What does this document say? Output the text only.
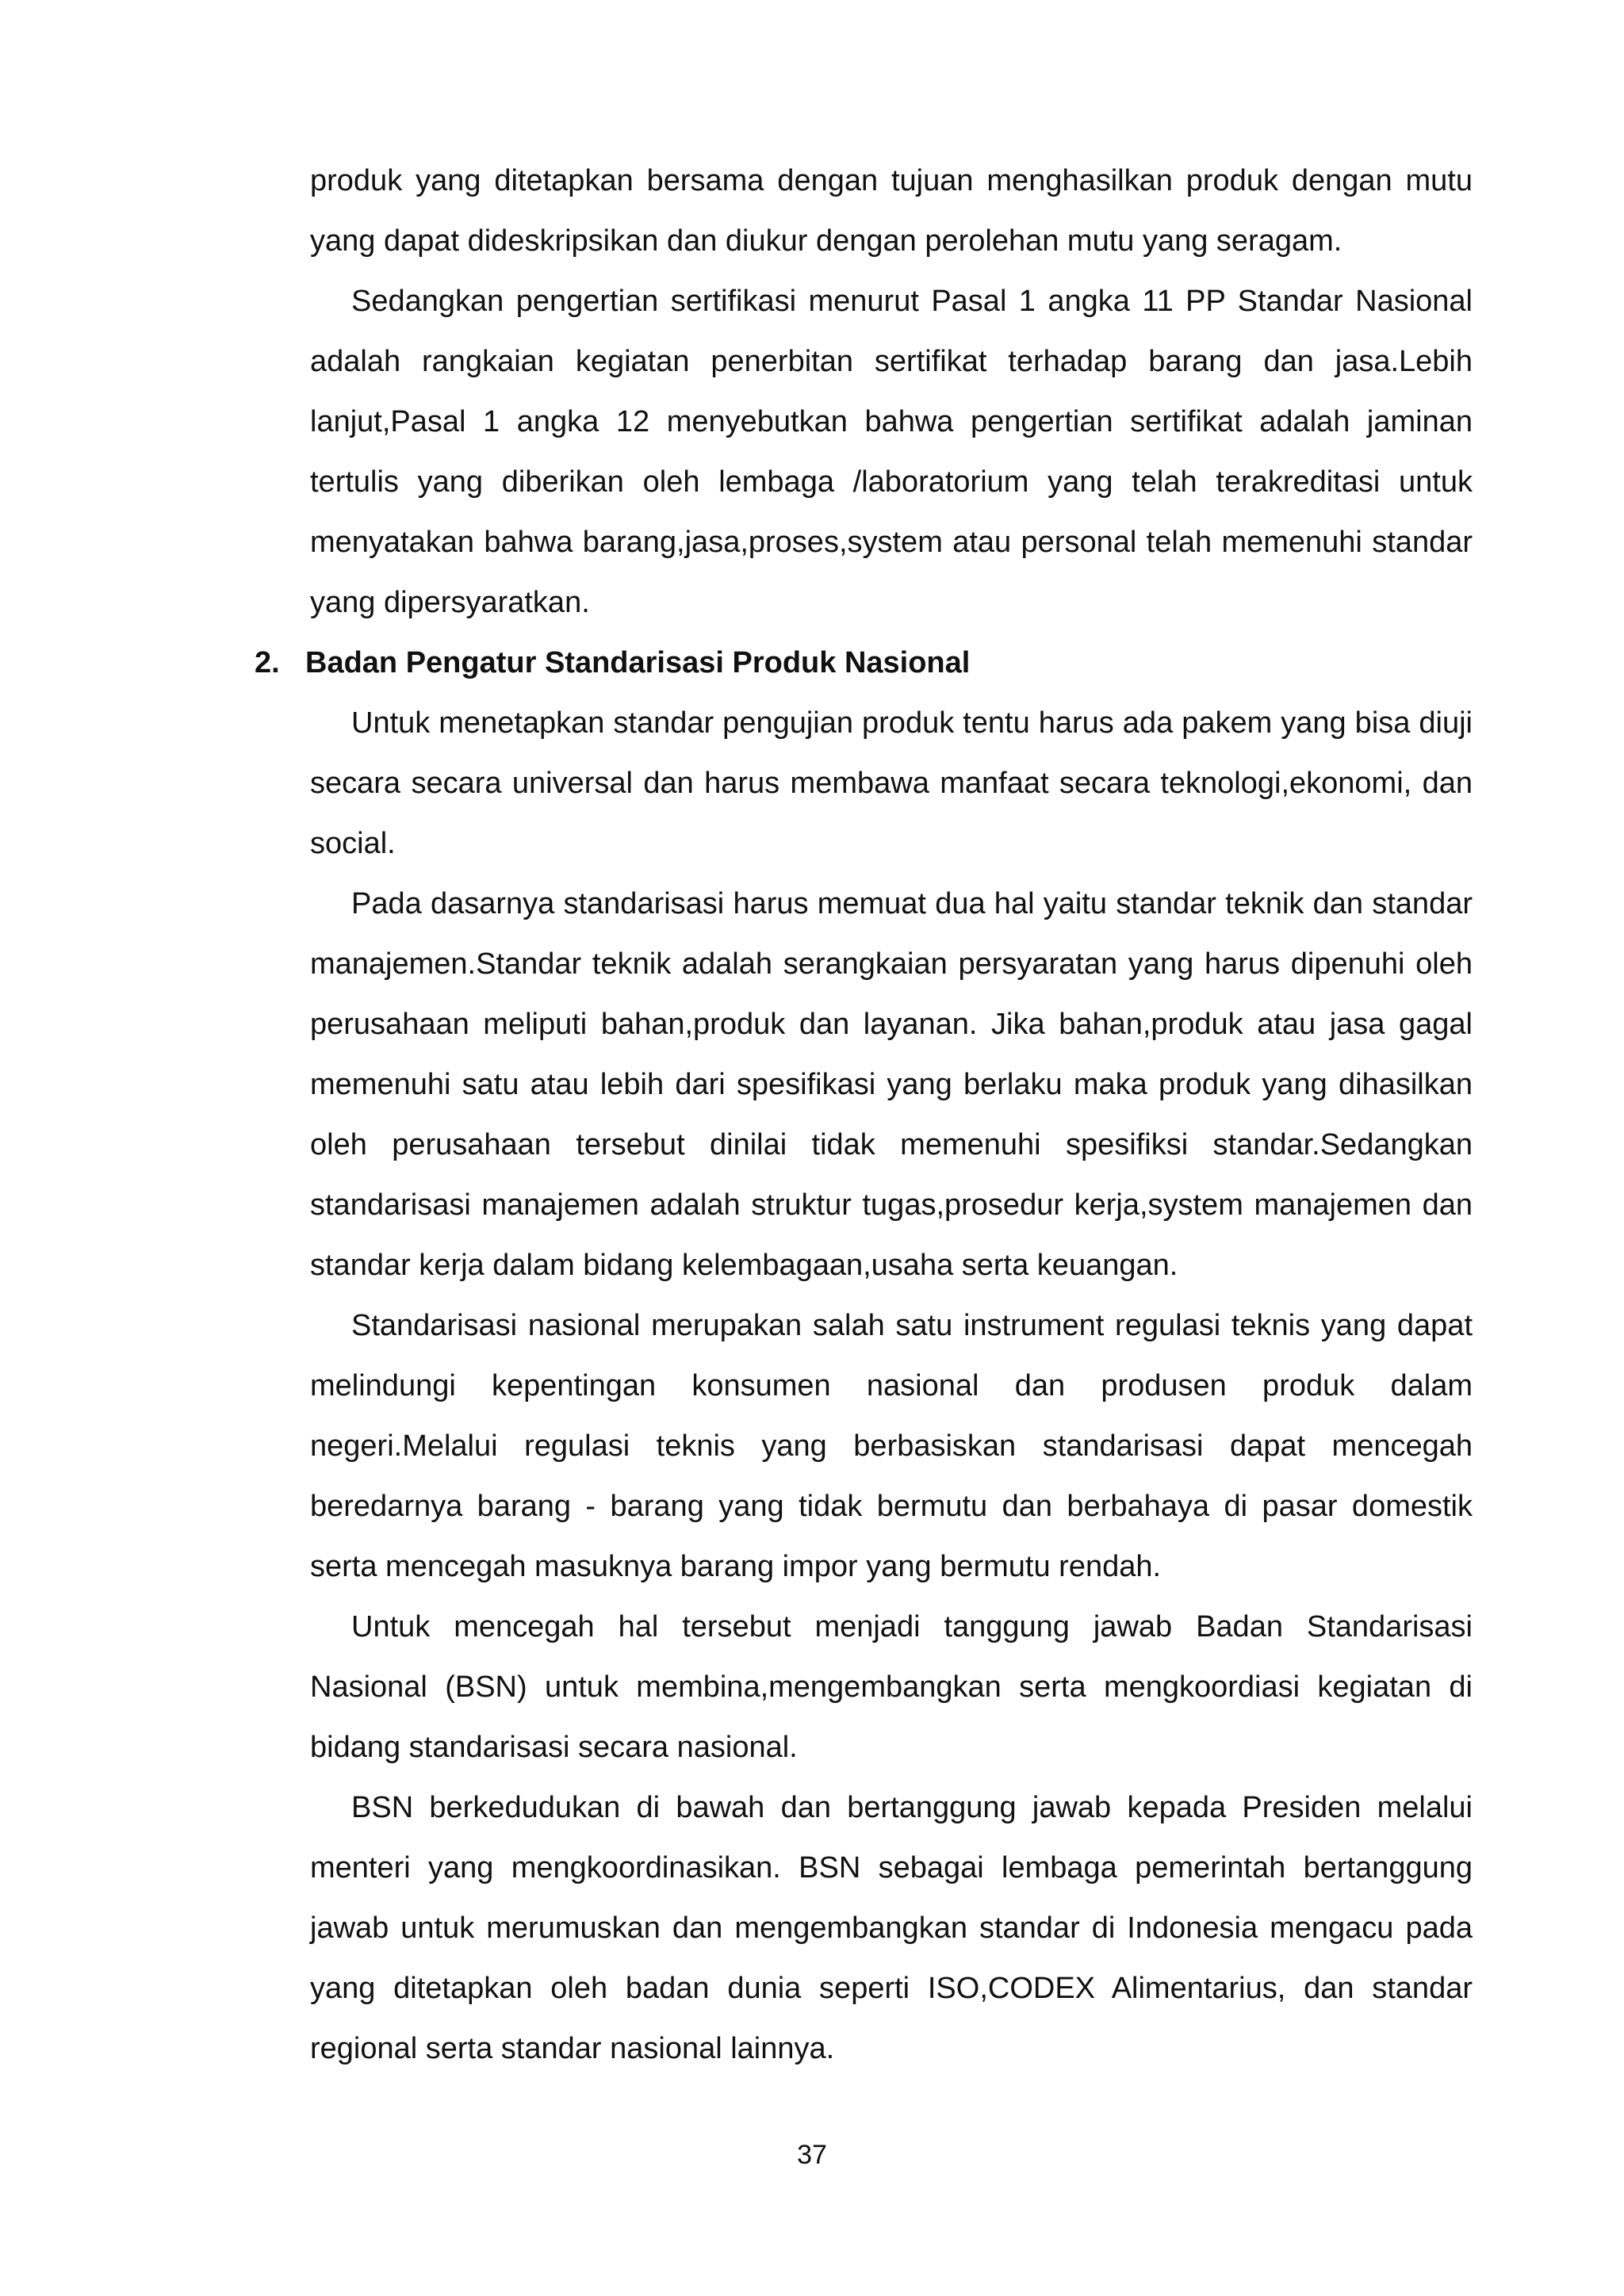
produk yang ditetapkan bersama dengan tujuan menghasilkan produk dengan mutu yang dapat dideskripsikan dan diukur dengan perolehan mutu yang seragam.

Sedangkan pengertian sertifikasi menurut Pasal 1 angka 11 PP Standar Nasional adalah rangkaian kegiatan penerbitan sertifikat terhadap barang dan jasa.Lebih lanjut,Pasal 1 angka 12 menyebutkan bahwa pengertian sertifikat adalah jaminan tertulis yang diberikan oleh lembaga /laboratorium yang telah terakreditasi untuk menyatakan bahwa barang,jasa,proses,system atau personal telah memenuhi standar yang dipersyaratkan.

2. Badan Pengatur Standarisasi Produk Nasional

Untuk menetapkan standar pengujian produk tentu harus ada pakem yang bisa diuji secara secara universal dan harus membawa manfaat secara teknologi,ekonomi, dan social.

Pada dasarnya standarisasi harus memuat dua hal yaitu standar teknik dan standar manajemen.Standar teknik adalah serangkaian persyaratan yang harus dipenuhi oleh perusahaan meliputi bahan,produk dan layanan. Jika bahan,produk atau jasa gagal memenuhi satu atau lebih dari spesifikasi yang berlaku maka produk yang dihasilkan oleh perusahaan tersebut dinilai tidak memenuhi spesifiksi standar.Sedangkan standarisasi manajemen adalah struktur tugas,prosedur kerja,system manajemen dan standar kerja dalam bidang kelembagaan,usaha serta keuangan.

Standarisasi nasional merupakan salah satu instrument regulasi teknis yang dapat melindungi kepentingan konsumen nasional dan produsen produk dalam negeri.Melalui regulasi teknis yang berbasiskan standarisasi dapat mencegah beredarnya barang - barang yang tidak bermutu dan berbahaya di pasar domestik serta mencegah masuknya barang impor yang bermutu rendah.

Untuk mencegah hal tersebut menjadi tanggung jawab Badan Standarisasi Nasional (BSN) untuk membina,mengembangkan serta mengkoordiasi kegiatan di bidang standarisasi secara nasional.

BSN berkedudukan di bawah dan bertanggung jawab kepada Presiden melalui menteri yang mengkoordinasikan. BSN sebagai lembaga pemerintah bertanggung jawab untuk merumuskan dan mengembangkan standar di Indonesia mengacu pada yang ditetapkan oleh badan dunia seperti ISO,CODEX Alimentarius, dan standar regional serta standar nasional lainnya.

37
